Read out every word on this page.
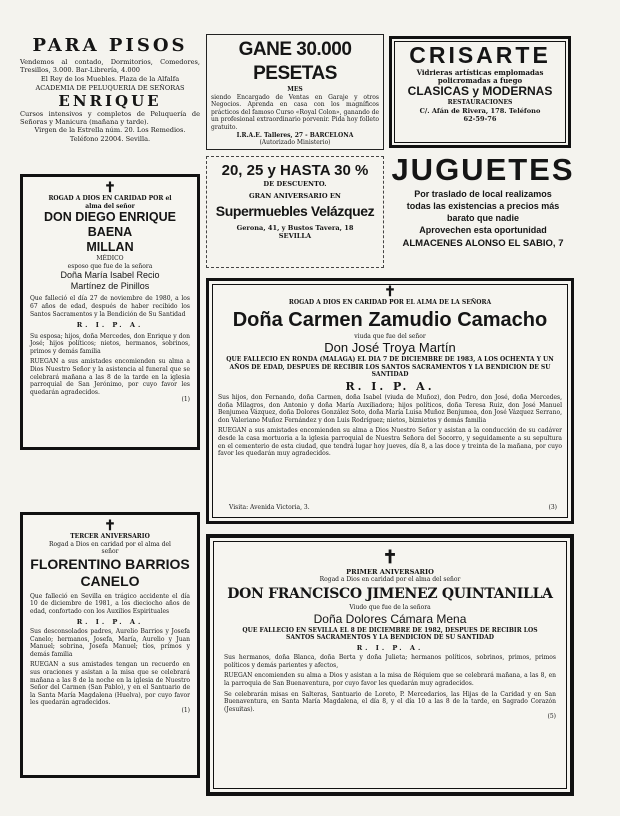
PARA PISOS
Vendemos al contado, Dormitorios, Comedores, Tresillos, 3.000. Bar-Librería, 4.000
El Rey de los Muebles. Plaza de la Alfalfa
ACADEMIA DE PELUQUERIA DE SEÑORAS
ENRIQUE
Cursos intensivos y completos de Peluquería de Señoras y Manicura (mañana y tarde).
Virgen de la Estrella núm. 20. Los Remedios. Teléfono 22004. Sevilla.
GANE 30.000 PESETAS
MES
siendo Encargado de Ventas en Garaje y otros Negocios. Aprenda en casa con los magníficos prácticos del famoso Curso «Royal Colon», ganando de un profesional extraordinario porvenir. Pida hoy folleto gratuito.
I.R.A.E. Talleres, 27 - BARCELONA
(Autorizado Ministerio)
CRISARTE
Vidrieras artísticas emplomadas policromadas a fuego
CLASICAS y MODERNAS
RESTAURACIONES
C/. Afán de Rivera, 178. Teléfono 62-59-76
20, 25 y HASTA 30 %
DE DESCUENTO.
GRAN ANIVERSARIO EN
Supermuebles Velázquez
Gerona, 41, y Bustos Tavera, 18
SEVILLA
JUGUETES
Por traslado de local realizamos
todas las existencias a precios más
barato que nadie
Aprovechen esta oportunidad
ALMACENES ALONSO EL SABIO, 7
✝
ROGAD A DIOS EN CARIDAD POR el alma del señor
DON DIEGO ENRIQUE BAENA
MILLAN
MÉDICO
esposo que fue de la señora
Doña María Isabel Recio
Martínez de Pinillos
Que falleció el día 27 de noviembre de 1980, a los 67 años de edad, después de haber recibido los Santos Sacramentos y la Bendición de Su Santidad
R. I. P. A.
Su esposa; hijos, doña Mercedes, don Enrique y don José; hijos políticos; nietos, hermanos, sobrinos, primos y demás familia
RUEGAN a sus amistades encomienden su alma a Dios Nuestro Señor y la asistencia al funeral que se celebrará mañana a las 8 de la tarde en la iglesia parroquial de San Jerónimo, por cuyo favor les quedarán agradecidos.
(1)
✝
TERCER ANIVERSARIO
Rogad a Dios en caridad por el alma del señor
FLORENTINO BARRIOS
CANELO
Que falleció en Sevilla en trágico accidente el día 10 de diciembre de 1981, a los dieciocho años de edad, confortado con los Auxilios Espirituales
R. I. P. A.
Sus desconsolados padres, Aurelio Barrios y Josefa Canelo; hermanos, Josefa, María, Aurelio y Juan Manuel; sobrina, Josefa Manuel; tíos, primos y demás familia
RUEGAN a sus amistades tengan un recuerdo en sus oraciones y asistan a la misa que se celebrará mañana a las 8 de la noche en la iglesia de Nuestro Señor del Carmen (San Pablo), y en el Santuario de la Santa María Magdalena (Huelva), por cuyo favor les quedarán agradecidos.
(1)
✝
ROGAD A DIOS EN CARIDAD POR EL ALMA DE LA SEÑORA
Doña Carmen Zamudio Camacho
viuda que fue del señor
Don José Troya Martín
QUE FALLECIO EN RONDA (MALAGA) EL DIA 7 DE DICIEMBRE DE 1983, A LOS OCHENTA Y UN AÑOS DE EDAD, DESPUES DE RECIBIR LOS SANTOS SACRAMENTOS Y LA BENDICION DE SU SANTIDAD
R. I. P. A.
Sus hijos, don Fernando, doña Carmen, doña Isabel (viuda de Muñoz), don Pedro, don José, doña Mercedes, doña Milagros, don Antonio y doña María Auxiliadora; hijos políticos, doña Teresa Ruiz, don José Manuel Benjumea Vázquez, doña Dolores González Soto, doña María Luisa Muñoz Benjumea, don José Vázquez Serrano, don Valeriano Muñoz Fernández y don Luis Rodríguez; nietos, biznietos y demás familia
RUEGAN a sus amistades encomienden su alma a Dios Nuestro Señor y asistan a la conducción de su cadáver desde la casa mortuoria a la iglesia parroquial de Nuestra Señora del Socorro, y seguidamente a su sepultura en el cementerio de esta ciudad, que tendrá lugar hoy jueves, día 8, a las doce y treinta de la mañana, por cuyo favor les quedarán muy agradecidos.
Visita: Avenida Victoria, 3.	(3)
✝
PRIMER ANIVERSARIO
Rogad a Dios en caridad por el alma del señor
DON FRANCISCO JIMENEZ QUINTANILLA
Viudo que fue de la señora
Doña Dolores Cámara Mena
QUE FALLECIO EN SEVILLA EL 8 DE DICIEMBRE DE 1982, DESPUES DE RECIBIR LOS SANTOS SACRAMENTOS Y LA BENDICION DE SU SANTIDAD
R. I. P. A.
Sus hermanos, doña Blanca, doña Berta y doña Julieta; hermanos políticos, sobrinos, primos, primos políticos y demás parientes y afectos,
RUEGAN encomienden su alma a Dios y asistan a la misa de Réquiem que se celebrará mañana, a las 8, en la parroquia de San Buenaventura, por cuyo favor les quedarán muy agradecidos.
Se celebrarán misas en Salteras, Santuario de Loreto, P. Mercedarios, las Hijas de la Caridad y en San Buenaventura, en Santa María Magdalena, el día 8, y el día 10 a las 8 de la tarde, en Sagrado Corazón (Jesuitas).
(5)
